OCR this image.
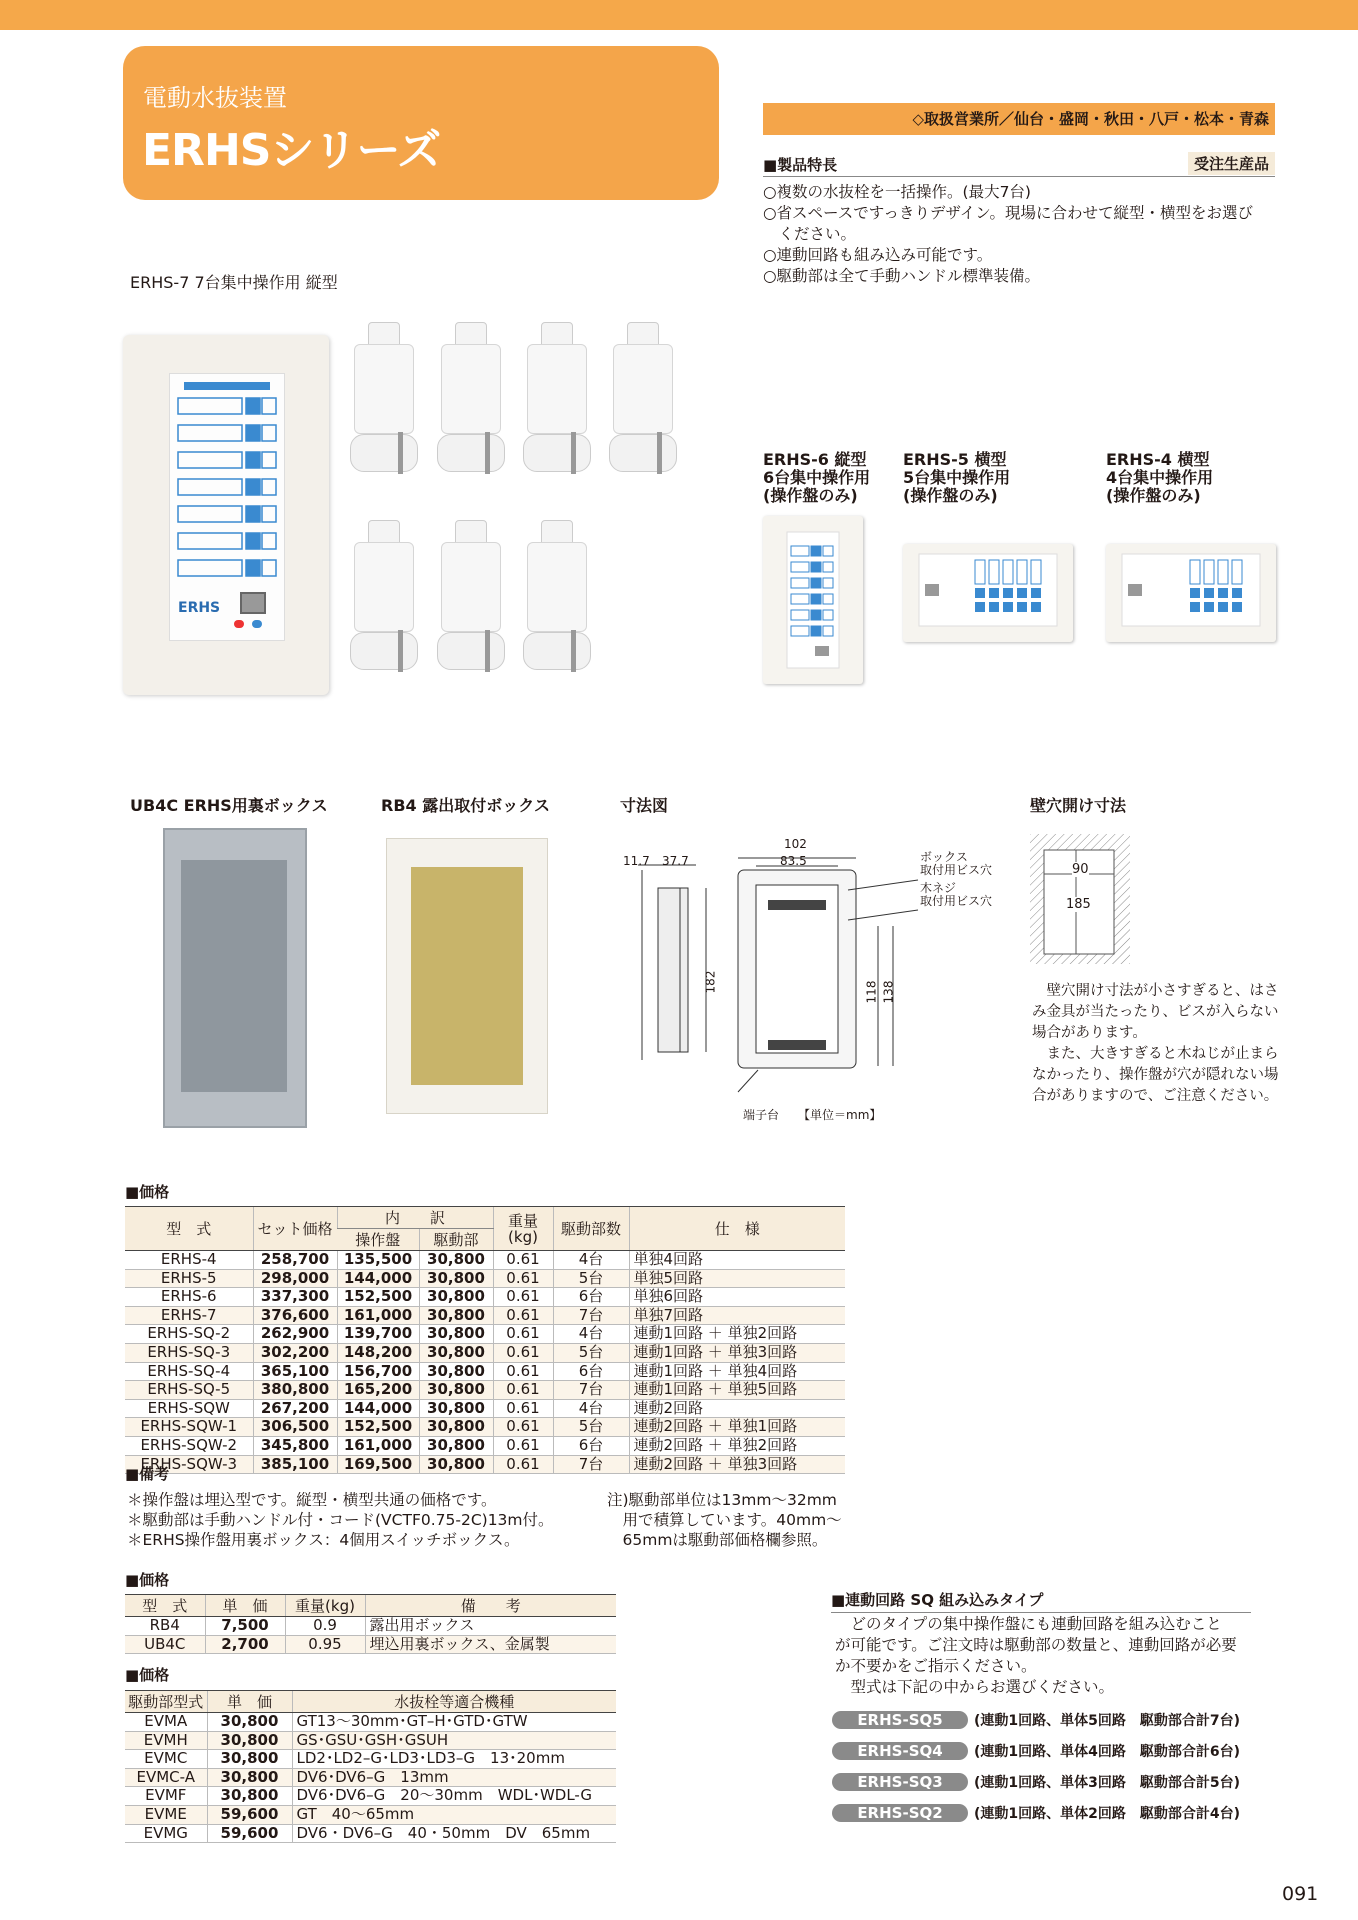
電動水抜装置
ERHSシリーズ
◇取扱営業所／仙台・盛岡・秋田・八戸・松本・青森
■製品特長	受注生産品
○複数の水抜栓を一括操作。(最大7台)
○省スペースですっきりデザイン。現場に合わせて縦型・横型をお選び
　ください。
○連動回路も組み込み可能です。
○駆動部は全て手動ハンドル標準装備。
ERHS-7 7台集中操作用 縦型
ERHS
ERHS-6 縦型
6台集中操作用
(操作盤のみ)
ERHS-5 横型
5台集中操作用
(操作盤のみ)
ERHS-4 横型
4台集中操作用
(操作盤のみ)
UB4C ERHS用裏ボックス	RB4 露出取付ボックス	寸法図	壁穴開け寸法
11.7 37.7
102
83.5
182	118 138
ボックス
取付用ビス穴
木ネジ
取付用ビス穴
端子台 【単位＝mm】
90
185
　壁穴開け寸法が小さすぎると、はさ
み金具が当たったり、ビスが入らない
場合があります。
　また、大きすぎると木ねじが止まら
なかったり、操作盤が穴が隠れない場
合がありますので、ご注意ください。
■価格
型　式	セット価格	内　　訳		重量
(kg)	駆動部数	仕　様
		操作盤	駆動部			
ERHS-4	258,700	135,500	30,800	0.61	4台	単独4回路
ERHS-5	298,000	144,000	30,800	0.61	5台	単独5回路
ERHS-6	337,300	152,500	30,800	0.61	6台	単独6回路
ERHS-7	376,600	161,000	30,800	0.61	7台	単独7回路
ERHS-SQ-2	262,900	139,700	30,800	0.61	4台	連動1回路 ＋ 単独2回路
ERHS-SQ-3	302,200	148,200	30,800	0.61	5台	連動1回路 ＋ 単独3回路
ERHS-SQ-4	365,100	156,700	30,800	0.61	6台	連動1回路 ＋ 単独4回路
ERHS-SQ-5	380,800	165,200	30,800	0.61	7台	連動1回路 ＋ 単独5回路
ERHS-SQW	267,200	144,000	30,800	0.61	4台	連動2回路
ERHS-SQW-1	306,500	152,500	30,800	0.61	5台	連動2回路 ＋ 単独1回路
ERHS-SQW-2	345,800	161,000	30,800	0.61	6台	連動2回路 ＋ 単独2回路
ERHS-SQW-3	385,100	169,500	30,800	0.61	7台	連動2回路 ＋ 単独3回路
■備考
＊操作盤は埋込型です。縦型・横型共通の価格です。
＊駆動部は手動ハンドル付・コード(VCTF0.75-2C)13m付。
＊ERHS操作盤用裏ボックス：4個用スイッチボックス。
注)駆動部単位は13mm〜32mm
　用で積算しています。40mm〜
　65mmは駆動部価格欄参照。
■価格
型　式	単　価	重量(kg)	備　　考
RB4	7,500	0.9	露出用ボックス
UB4C	2,700	0.95	埋込用裏ボックス、金属製
■価格
駆動部型式	単　価	水抜栓等適合機種
EVMA	30,800	GT13〜30mm･GT–H･GTD･GTW
EVMH	30,800	GS･GSU･GSH･GSUH
EVMC	30,800	LD2･LD2–G･LD3･LD3–G　13･20mm
EVMC-A	30,800	DV6･DV6–G　13mm
EVMF	30,800	DV6･DV6–G　20〜30mm　WDL･WDL-G
EVME	59,600	GT　40〜65mm
EVMG	59,600	DV6・DV6–G　40・50mm　DV　65mm
■連動回路 SQ 組み込みタイプ
　どのタイプの集中操作盤にも連動回路を組み込むこと
が可能です。ご注文時は駆動部の数量と、連動回路が必要
か不要かをご指示ください。
　型式は下記の中からお選びください。
ERHS-SQ5 (連動1回路、単体5回路　駆動部合計7台)
ERHS-SQ4 (連動1回路、単体4回路　駆動部合計6台)
ERHS-SQ3 (連動1回路、単体3回路　駆動部合計5台)
ERHS-SQ2 (連動1回路、単体2回路　駆動部合計4台)
091
